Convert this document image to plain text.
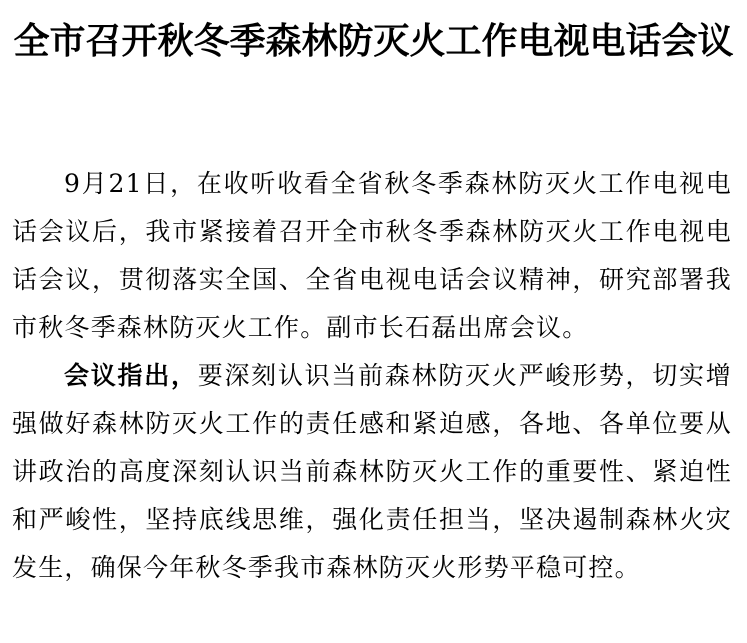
全市召开秋冬季森林防灭火工作电视电话会议

9月21日，在收听收看全省秋冬季森林防灭火工作电视电话会议后，我市紧接着召开全市秋冬季森林防灭火工作电视电话会议，贯彻落实全国、全省电视电话会议精神，研究部署我市秋冬季森林防灭火工作。副市长石磊出席会议。

会议指出，要深刻认识当前森林防灭火严峻形势，切实增强做好森林防灭火工作的责任感和紧迫感，各地、各单位要从讲政治的高度深刻认识当前森林防灭火工作的重要性、紧迫性和严峻性，坚持底线思维，强化责任担当，坚决遏制森林火灾发生，确保今年秋冬季我市森林防灭火形势平稳可控。
